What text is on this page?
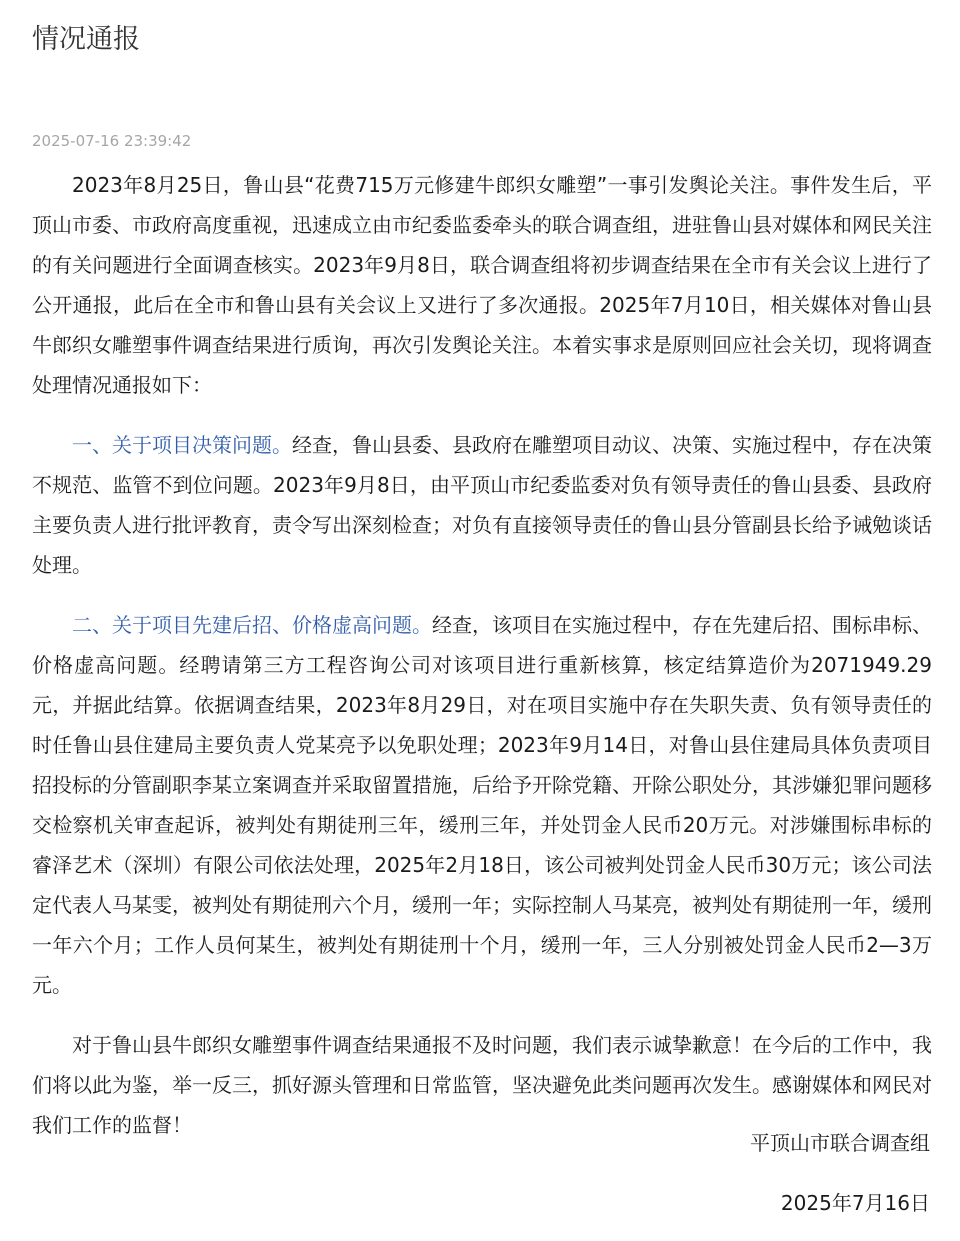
情况通报
2025-07-16 23:39:42

2023年8月25日，鲁山县“花费715万元修建牛郎织女雕塑”一事引发舆论关注。事件发生后，平顶山市委、市政府高度重视，迅速成立由市纪委监委牵头的联合调查组，进驻鲁山县对媒体和网民关注的有关问题进行全面调查核实。2023年9月8日，联合调查组将初步调查结果在全市有关会议上进行了公开通报，此后在全市和鲁山县有关会议上又进行了多次通报。2025年7月10日，相关媒体对鲁山县牛郎织女雕塑事件调查结果进行质询，再次引发舆论关注。本着实事求是原则回应社会关切，现将调查处理情况通报如下：

一、关于项目决策问题。经查，鲁山县委、县政府在雕塑项目动议、决策、实施过程中，存在决策不规范、监管不到位问题。2023年9月8日，由平顶山市纪委监委对负有领导责任的鲁山县委、县政府主要负责人进行批评教育，责令写出深刻检查；对负有直接领导责任的鲁山县分管副县长给予诫勉谈话处理。

二、关于项目先建后招、价格虚高问题。经查，该项目在实施过程中，存在先建后招、围标串标、价格虚高问题。经聘请第三方工程咨询公司对该项目进行重新核算，核定结算造价为2071949.29元，并据此结算。依据调查结果，2023年8月29日，对在项目实施中存在失职失责、负有领导责任的时任鲁山县住建局主要负责人党某亮予以免职处理；2023年9月14日，对鲁山县住建局具体负责项目招投标的分管副职李某立案调查并采取留置措施，后给予开除党籍、开除公职处分，其涉嫌犯罪问题移交检察机关审查起诉，被判处有期徒刑三年，缓刑三年，并处罚金人民币20万元。对涉嫌围标串标的睿泽艺术（深圳）有限公司依法处理，2025年2月18日，该公司被判处罚金人民币30万元；该公司法定代表人马某雯，被判处有期徒刑六个月，缓刑一年；实际控制人马某亮，被判处有期徒刑一年，缓刑一年六个月；工作人员何某生，被判处有期徒刑十个月，缓刑一年，三人分别被处罚金人民币2—3万元。

对于鲁山县牛郎织女雕塑事件调查结果通报不及时问题，我们表示诚挚歉意！在今后的工作中，我们将以此为鉴，举一反三，抓好源头管理和日常监管，坚决避免此类问题再次发生。感谢媒体和网民对我们工作的监督！

平顶山市联合调查组
2025年7月16日
